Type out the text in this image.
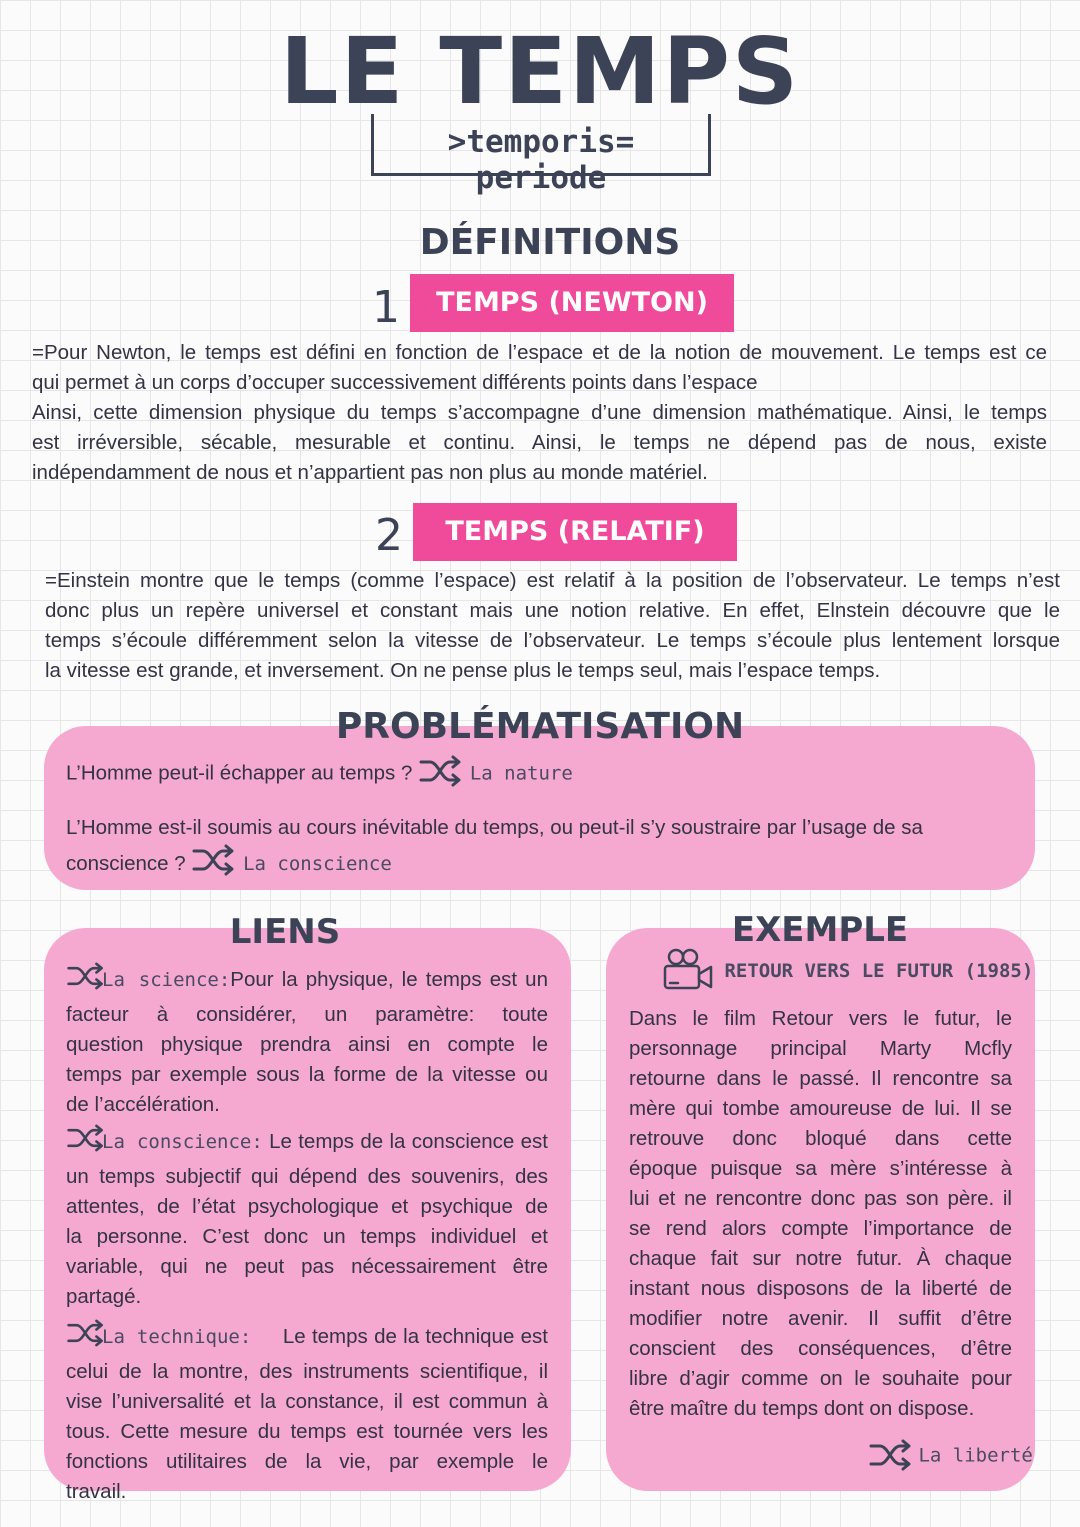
LE TEMPS
>temporis= periode
DÉFINITIONS
1	TEMPS (NEWTON)
=Pour Newton, le temps est défini en fonction de l’espace et de la notion de mouvement. Le temps est ce
qui permet à un corps d’occuper successivement différents points dans l’espace
Ainsi, cette dimension physique du temps s’accompagne d’une dimension mathématique. Ainsi, le temps
est irréversible, sécable, mesurable et continu. Ainsi, le temps ne dépend pas de nous, existe
indépendamment de nous et n’appartient pas non plus au monde matériel.
2	TEMPS (RELATIF)
=Einstein montre que le temps (comme l’espace) est relatif à la position de l’observateur. Le temps n’est
donc plus un repère universel et constant mais une notion relative. En effet, Elnstein découvre que le
temps s’écoule différemment selon la vitesse de l’observateur. Le temps s’écoule plus lentement lorsque
la vitesse est grande, et inversement. On ne pense plus le temps seul, mais l’espace temps.
PROBLÉMATISATION
L’Homme peut-il échapper au temps ?	La nature
L’Homme est-il soumis au cours inévitable du temps, ou peut-il s’y soustraire par l’usage de sa
conscience ?	La conscience
LIENS
La science:Pour la physique, le temps est un
facteur à considérer, un paramètre: toute
question physique prendra ainsi en compte le
temps par exemple sous la forme de la vitesse ou
de l’accélération.
La conscience: Le temps de la conscience est
un temps subjectif qui dépend des souvenirs, des
attentes, de l’état psychologique et psychique de
la personne. C’est donc un temps individuel et
variable, qui ne peut pas nécessairement être
partagé.
La technique: Le temps de la technique est
celui de la montre, des instruments scientifique, il
vise l’universalité et la constance, il est commun à
tous. Cette mesure du temps est tournée vers les
fonctions utilitaires de la vie, par exemple le
travail.
EXEMPLE
RETOUR VERS LE FUTUR (1985)
Dans le film Retour vers le futur, le
personnage principal Marty Mcfly
retourne dans le passé. Il rencontre sa
mère qui tombe amoureuse de lui. Il se
retrouve donc bloqué dans cette
époque puisque sa mère s’intéresse à
lui et ne rencontre donc pas son père. il
se rend alors compte l’importance de
chaque fait sur notre futur. À chaque
instant nous disposons de la liberté de
modifier notre avenir. Il suffit d’être
conscient des conséquences, d’être
libre d’agir comme on le souhaite pour
être maître du temps dont on dispose.
La liberté
